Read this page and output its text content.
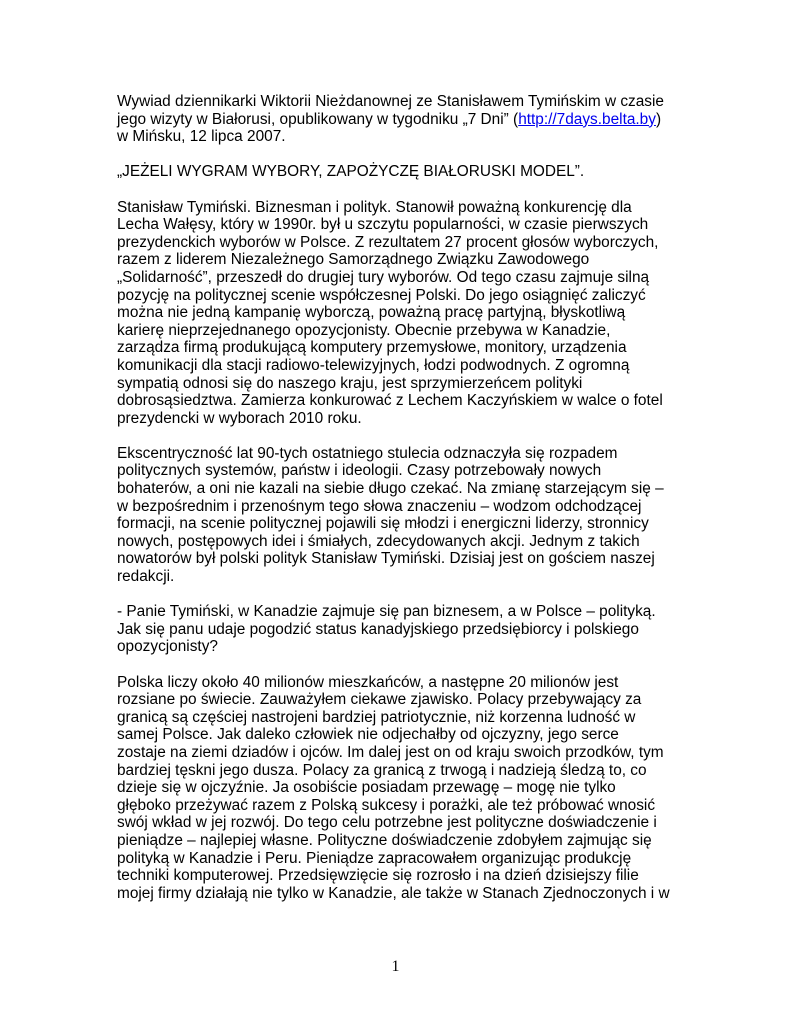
Wywiad dziennikarki Wiktorii Nieżdanownej ze Stanisławem Tymińskim w czasie
jego wizyty w Białorusi, opublikowany w tygodniku „7 Dni” (http://7days.belta.by)
w Mińsku, 12 lipca 2007.

„JEŻELI WYGRAM WYBORY, ZAPOŻYCZĘ BIAŁORUSKI MODEL”.

Stanisław Tymiński. Biznesman i polityk. Stanowił poważną konkurencję dla
Lecha Wałęsy, który w 1990r. był u szczytu popularności, w czasie pierwszych
prezydenckich wyborów w Polsce. Z rezultatem 27 procent głosów wyborczych,
razem z liderem Niezależnego Samorządnego Związku Zawodowego
„Solidarność”, przeszedł do drugiej tury wyborów. Od tego czasu zajmuje silną
pozycję na politycznej scenie współczesnej Polski. Do jego osiągnięć zaliczyć
można nie jedną kampanię wyborczą, poważną pracę partyjną, błyskotliwą
karierę nieprzejednanego opozycjonisty. Obecnie przebywa w Kanadzie,
zarządza firmą produkującą komputery przemysłowe, monitory, urządzenia
komunikacji dla stacji radiowo-telewizyjnych, łodzi podwodnych. Z ogromną
sympatią odnosi się do naszego kraju, jest sprzymierzeńcem polityki
dobrosąsiedztwa. Zamierza konkurować z Lechem Kaczyńskiem w walce o fotel
prezydencki w wyborach 2010 roku.

Ekscentryczność lat 90-tych ostatniego stulecia odznaczyła się rozpadem
politycznych systemów, państw i ideologii. Czasy potrzebowały nowych
bohaterów, a oni nie kazali na siebie długo czekać. Na zmianę starzejącym się –
w bezpośrednim i przenośnym tego słowa znaczeniu – wodzom odchodzącej
formacji, na scenie politycznej pojawili się młodzi i energiczni liderzy, stronnicy
nowych, postępowych idei i śmiałych, zdecydowanych akcji. Jednym z takich
nowatorów był polski polityk Stanisław Tymiński. Dzisiaj jest on gościem naszej
redakcji.

- Panie Tymiński, w Kanadzie zajmuje się pan biznesem, a w Polsce – polityką.
Jak się panu udaje pogodzić status kanadyjskiego przedsiębiorcy i polskiego
opozycjonisty?

Polska liczy około 40 milionów mieszkańców, a następne 20 milionów jest
rozsiane po świecie. Zauważyłem ciekawe zjawisko. Polacy przebywający za
granicą są częściej nastrojeni bardziej patriotycznie, niż korzenna ludność w
samej Polsce. Jak daleko człowiek nie odjechałby od ojczyzny, jego serce
zostaje na ziemi dziadów i ojców. Im dalej jest on od kraju swoich przodków, tym
bardziej tęskni jego dusza. Polacy za granicą z trwogą i nadzieją śledzą to, co
dzieje się w ojczyźnie. Ja osobiście posiadam przewagę – mogę nie tylko
głęboko przeżywać razem z Polską sukcesy i porażki, ale też próbować wnosić
swój wkład w jej rozwój. Do tego celu potrzebne jest polityczne doświadczenie i
pieniądze – najlepiej własne. Polityczne doświadczenie zdobyłem zajmując się
polityką w Kanadzie i Peru. Pieniądze zapracowałem organizując produkcję
techniki komputerowej. Przedsięwzięcie się rozrosło i na dzień dzisiejszy filie
mojej firmy działają nie tylko w Kanadzie, ale także w Stanach Zjednoczonych i w

1
